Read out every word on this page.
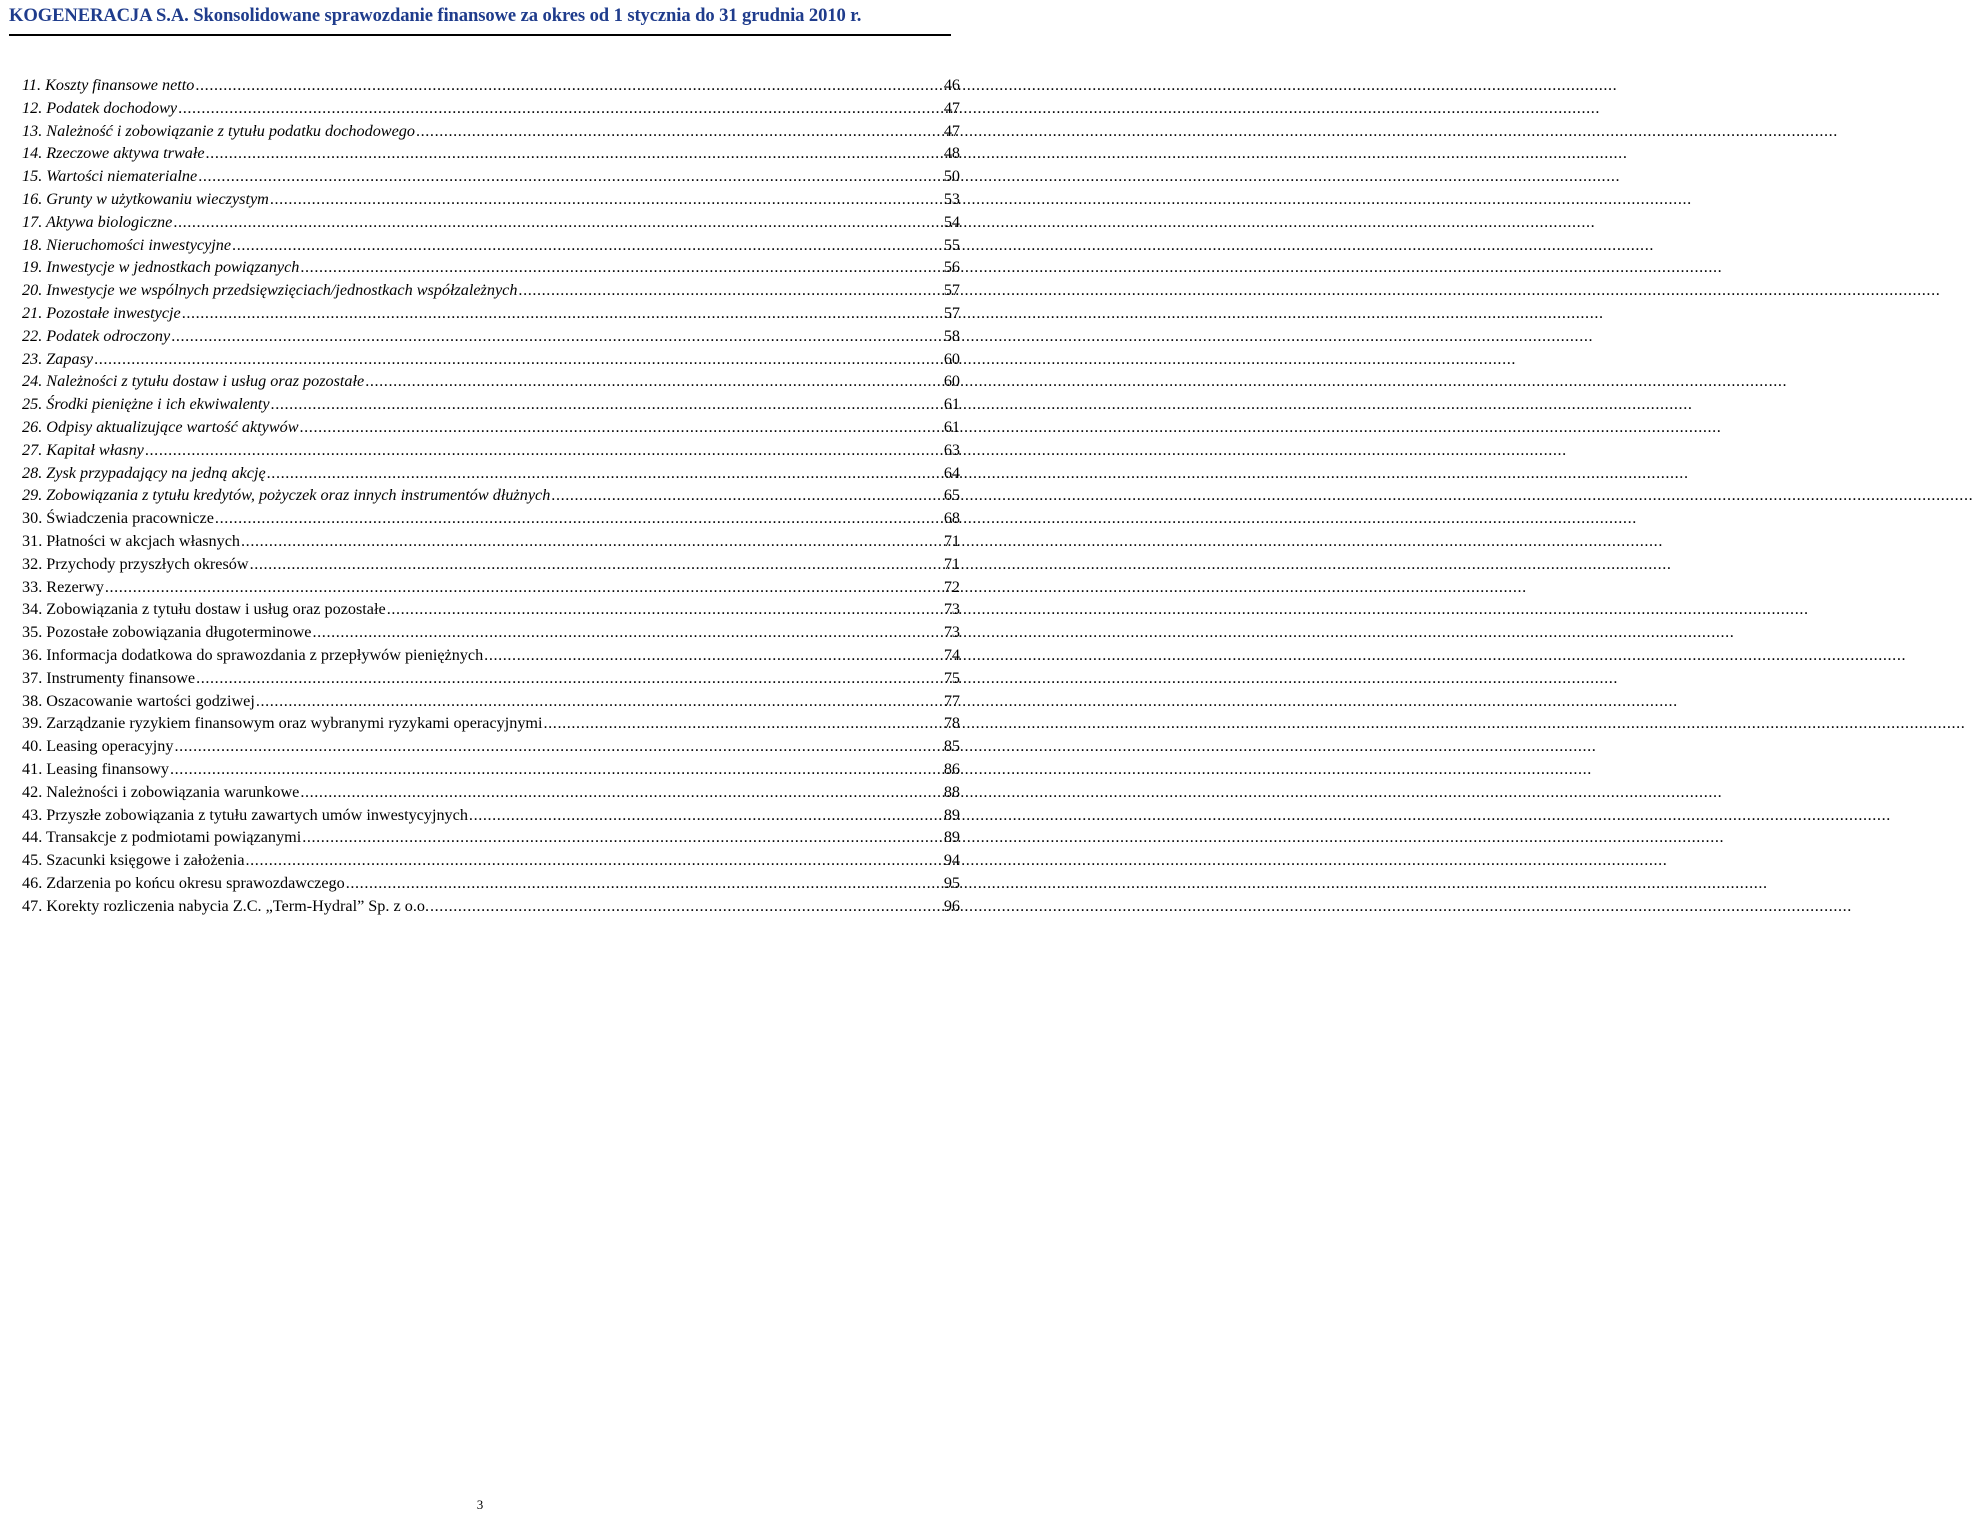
KOGENERACJA S.A. Skonsolidowane sprawozdanie finansowe za okres od 1 stycznia do 31 grudnia 2010 r.
11. Koszty finansowe netto .....	46
12. Podatek dochodowy .....	47
13. Należność i zobowiązanie z tytułu podatku dochodowego .....	47
14. Rzeczowe aktywa trwałe .....	48
15. Wartości niematerialne .....	50
16. Grunty w użytkowaniu wieczystym .....	53
17. Aktywa biologiczne .....	54
18. Nieruchomości inwestycyjne .....	55
19. Inwestycje w jednostkach powiązanych .....	56
20. Inwestycje we wspólnych przedsięwzięciach/jednostkach współzależnych .....	57
21. Pozostałe inwestycje .....	57
22. Podatek odroczony .....	58
23. Zapasy .....	60
24. Należności z tytułu dostaw i usług oraz pozostałe .....	60
25. Środki pieniężne i ich ekwiwalenty .....	61
26. Odpisy aktualizujące wartość aktywów .....	61
27. Kapitał własny .....	63
28. Zysk przypadający na jedną akcję .....	64
29. Zobowiązania z tytułu kredytów, pożyczek oraz innych instrumentów dłużnych .....	65
30. Świadczenia pracownicze .....	68
31. Płatności w akcjach własnych .....	71
32. Przychody przyszłych okresów .....	71
33. Rezerwy .....	72
34. Zobowiązania z tytułu dostaw i usług oraz pozostałe .....	73
35. Pozostałe zobowiązania długoterminowe .....	73
36. Informacja dodatkowa do sprawozdania z przepływów pieniężnych .....	74
37. Instrumenty finansowe .....	75
38. Oszacowanie wartości godziwej .....	77
39. Zarządzanie ryzykiem finansowym oraz wybranymi ryzykami operacyjnymi .....	78
40. Leasing operacyjny .....	85
41. Leasing finansowy .....	86
42. Należności i zobowiązania warunkowe .....	88
43. Przyszłe zobowiązania z tytułu zawartych umów inwestycyjnych .....	89
44. Transakcje z podmiotami powiązanymi .....	89
45. Szacunki księgowe i założenia .....	94
46. Zdarzenia po końcu okresu sprawozdawczego .....	95
47. Korekty rozliczenia nabycia Z.C. „Term-Hydral” Sp. z o.o. .....	96
3
